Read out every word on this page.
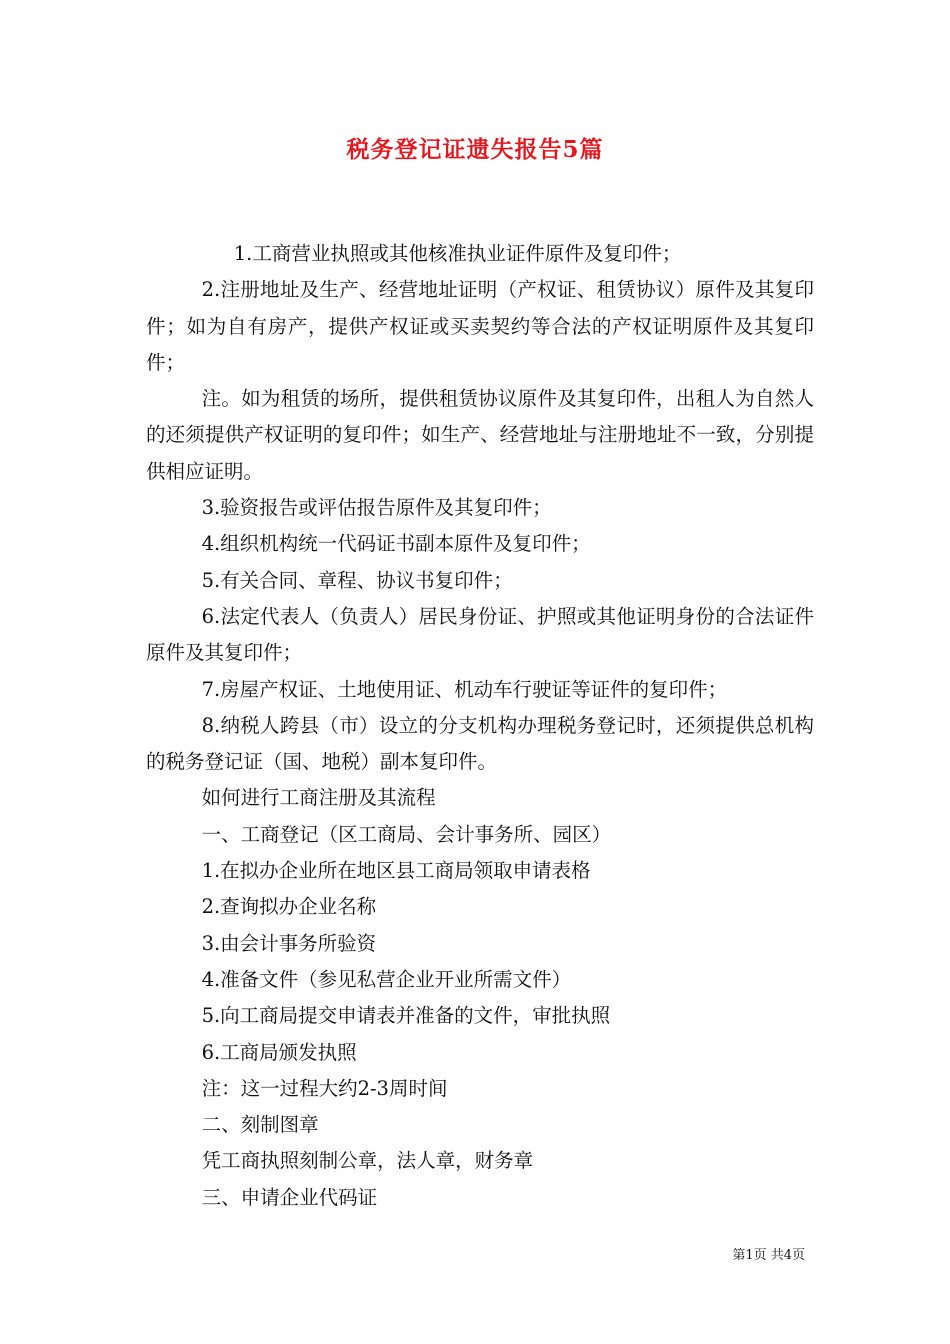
税务登记证遗失报告5篇

1.工商营业执照或其他核准执业证件原件及复印件；

2.注册地址及生产、经营地址证明（产权证、租赁协议）原件及其复印件；如为自有房产，提供产权证或买卖契约等合法的产权证明原件及其复印件；

注。如为租赁的场所，提供租赁协议原件及其复印件，出租人为自然人的还须提供产权证明的复印件；如生产、经营地址与注册地址不一致，分别提供相应证明。

3.验资报告或评估报告原件及其复印件；

4.组织机构统一代码证书副本原件及复印件；

5.有关合同、章程、协议书复印件；

6.法定代表人（负责人）居民身份证、护照或其他证明身份的合法证件原件及其复印件；

7.房屋产权证、土地使用证、机动车行驶证等证件的复印件；

8.纳税人跨县（市）设立的分支机构办理税务登记时，还须提供总机构的税务登记证（国、地税）副本复印件。

如何进行工商注册及其流程

一、工商登记（区工商局、会计事务所、园区）

1.在拟办企业所在地区县工商局领取申请表格

2.查询拟办企业名称

3.由会计事务所验资

4.准备文件（参见私营企业开业所需文件）

5.向工商局提交申请表并准备的文件，审批执照

6.工商局颁发执照

注：这一过程大约2-3周时间

二、刻制图章

凭工商执照刻制公章，法人章，财务章

三、申请企业代码证

第1页 共4页
